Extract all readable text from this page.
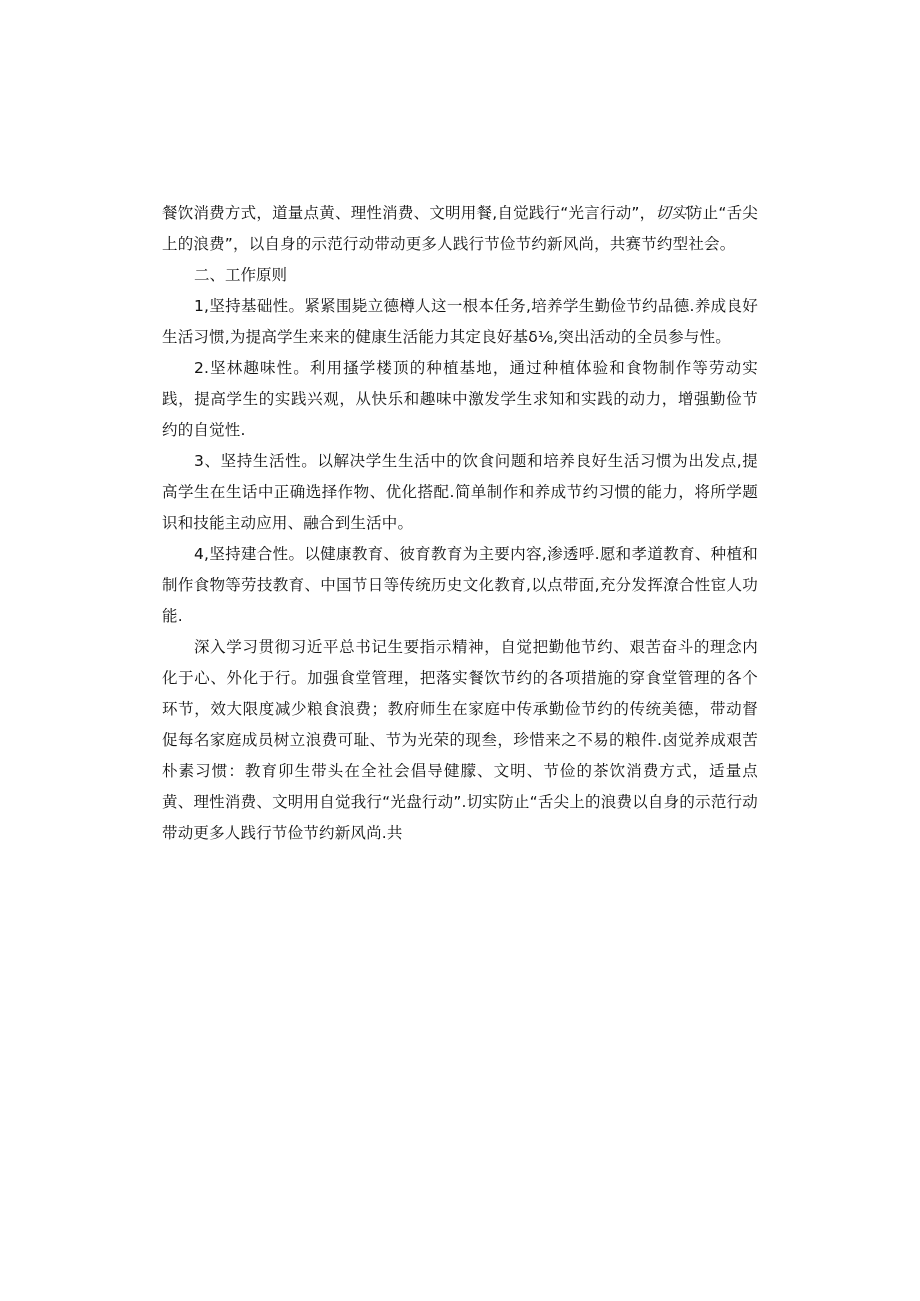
餐饮消费方式，道量点黄、理性消费、文明用餐,自觉践行“光言行动”，切实防止“舌尖上的浪费”，以自身的示范行动带动更多人践行节俭节约新风尚，共赛节约型社会。

二、工作原则

1,坚持基础性。紧紧围毙立德樽人这一根本任务,培养学生勤俭节约品德.养成良好生活习惯,为提高学生来来的健康生活能力其定良好基δ⅛,突出活动的全员参与性。

2.坚林趣味性。利用搔学楼顶的种植基地，通过种植体验和食物制作等劳动实践，提高学生的实践兴观，从快乐和趣味中激发学生求知和实践的动力，增强勤俭节约的自觉性.

3、坚持生活性。以解决学生生活中的饮食问题和培养良好生活习惯为出发点,提高学生在生话中正确选择作物、优化搭配.简单制作和养成节约习惯的能力，将所学题识和技能主动应用、融合到生活中。

4,坚持建合性。以健康教育、彼育教育为主要内容,渗透呼.愿和孝道教育、种植和制作食物等劳技教育、中国节日等传统历史文化教育,以点带面,充分发挥潦合性宦人功能.

深入学习贯彻习近平总书记生要指示精神，自觉把勤他节约、艰苦奋斗的理念内化于心、外化于行。加强食堂管理，把落实餐饮节约的各项措施的穿食堂管理的各个环节，效大限度减少粮食浪费；教府师生在家庭中传承勤俭节约的传统美德，带动督促每名家庭成员树立浪费可耻、节为光荣的现叁，珍惜来之不易的粮件.卤觉养成艰苦朴素习惯：教育卯生带头在全社会倡导健朦、文明、节俭的茶饮消费方式，适量点黄、理性消费、文明用自觉我行“光盘行动”.切实防止“舌尖上的浪费以自身的示范行动带动更多人践行节俭节约新风尚.共
